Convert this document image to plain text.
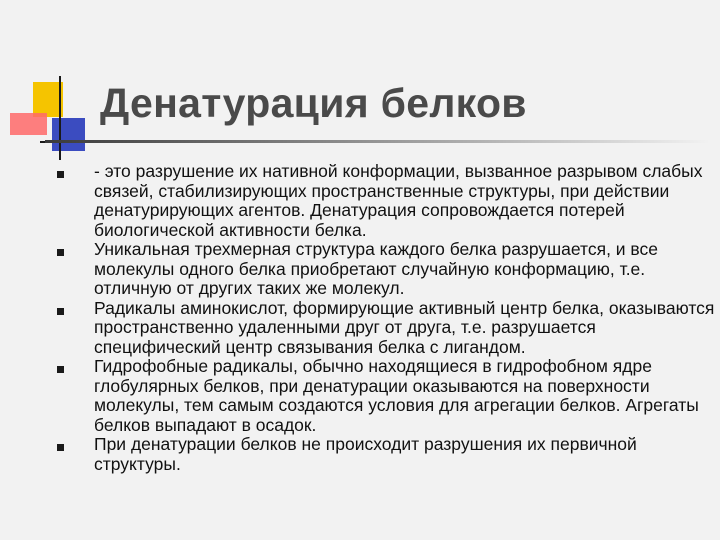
Денатурация белков
- это разрушение их нативной конформации, вызванное разрывом слабых связей, стабилизирующих пространственные структуры, при действии денатурирующих агентов. Денатурация сопровождается потерей биологической активности белка.
Уникальная трехмерная структура каждого белка разрушается, и все молекулы одного белка приобретают случайную конформацию, т.е. отличную от других таких же молекул.
Радикалы аминокислот, формирующие активный центр белка, оказываются пространственно удаленными друг от друга, т.е. разрушается специфический центр связывания белка с лигандом.
Гидрофобные радикалы, обычно находящиеся в гидрофобном ядре глобулярных белков, при денатурации оказываются на поверхности молекулы, тем самым создаются условия для агрегации белков. Агрегаты белков выпадают в осадок.
При денатурации белков не происходит разрушения их первичной структуры.
